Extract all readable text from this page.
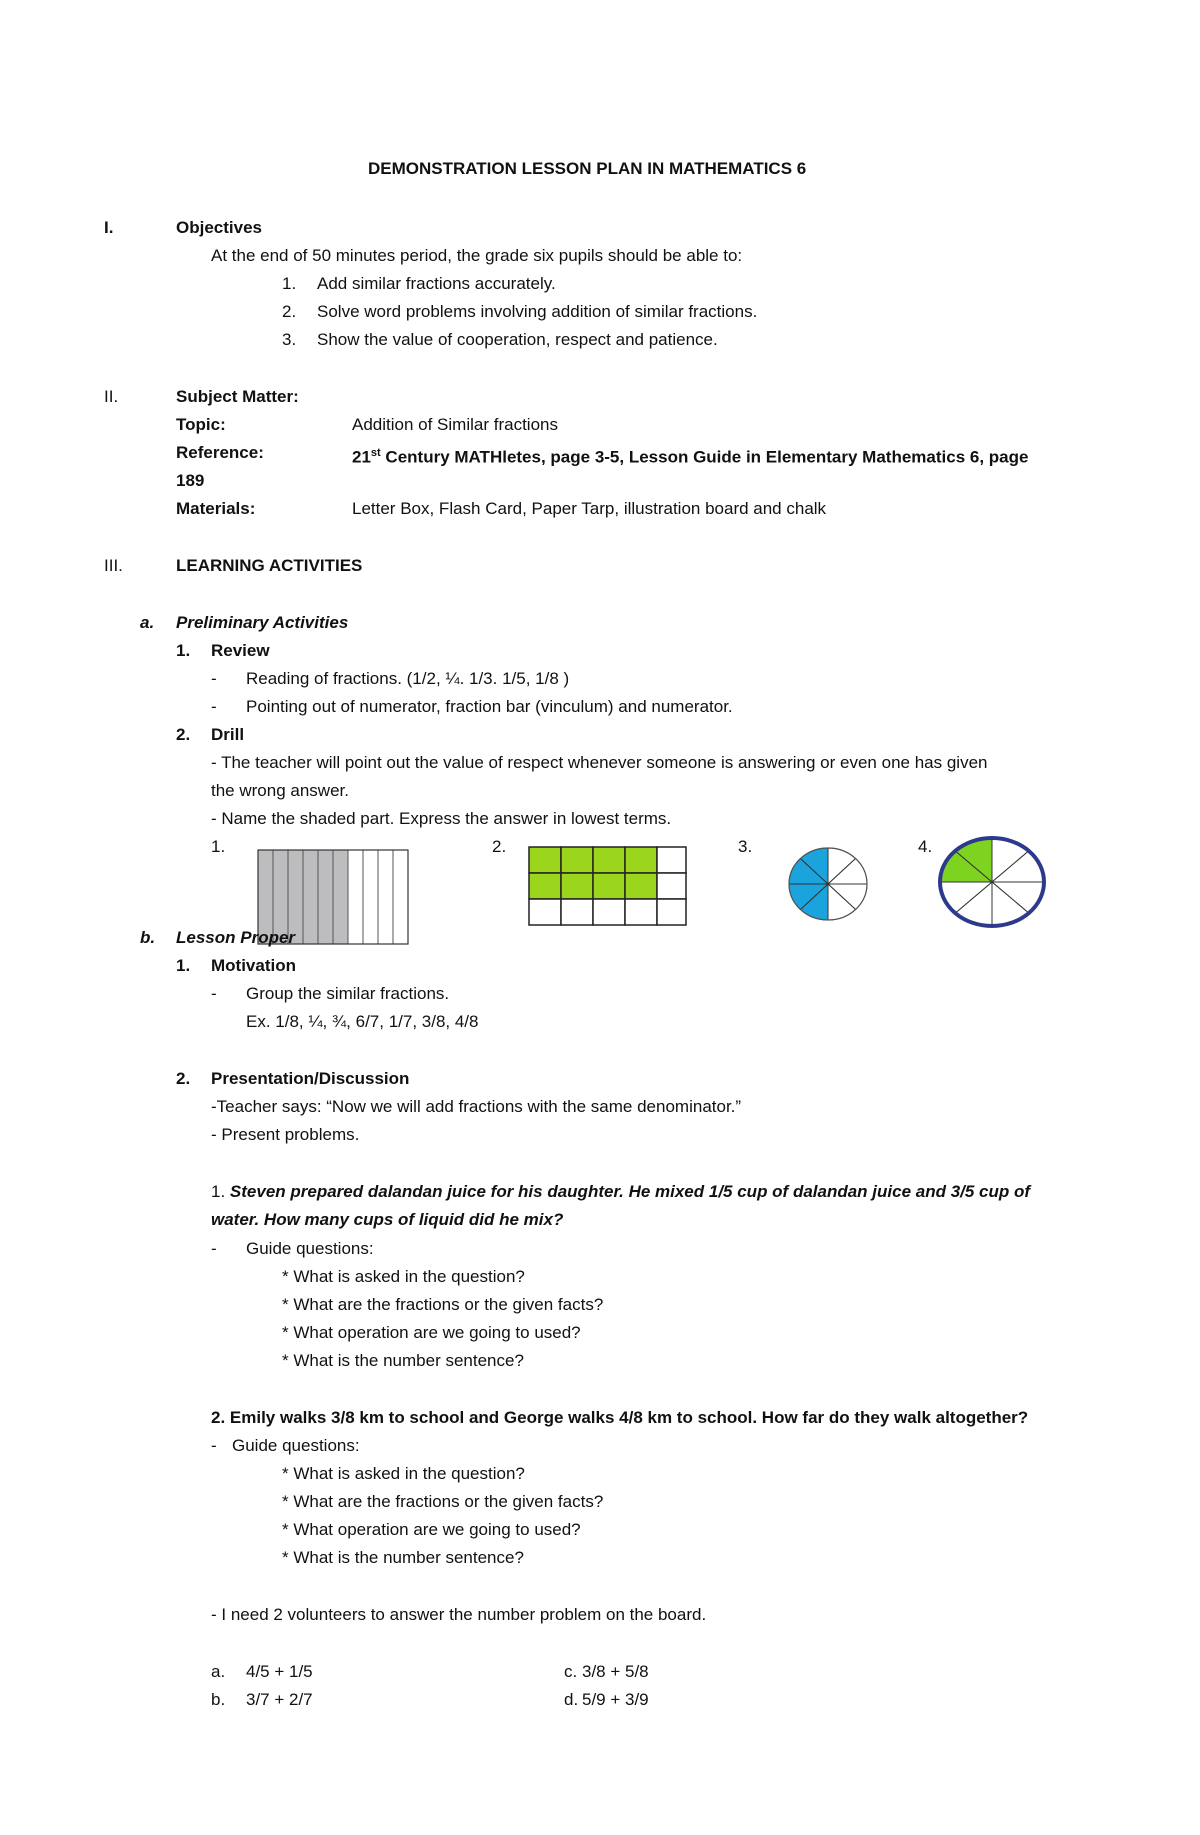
DEMONSTRATION LESSON PLAN IN MATHEMATICS 6
I.	Objectives
At the end of 50 minutes period, the grade six pupils should be able to:
1. Add similar fractions accurately.
2. Solve word problems involving addition of similar fractions.
3. Show the value of cooperation, respect and patience.
II.	Subject Matter:
Topic:	Addition of Similar fractions
Reference:	21st Century MATHletes, page 3-5, Lesson Guide in Elementary Mathematics 6, page
189
Materials:	Letter Box, Flash Card, Paper Tarp, illustration board and chalk
III.	LEARNING ACTIVITIES
a. Preliminary Activities
1. Review
- Reading of fractions. (1/2, ¼. 1/3. 1/5, 1/8 )
- Pointing out of numerator, fraction bar (vinculum) and numerator.
2. Drill
- The teacher will point out the value of respect whenever someone is answering or even one has given
the wrong answer.
- Name the shaded part. Express the answer in lowest terms.
1.	2.	3.	4.
b. Lesson Proper
1. Motivation
- Group the similar fractions.
Ex. 1/8, ¼, ¾, 6/7, 1/7, 3/8, 4/8
2. Presentation/Discussion
-Teacher says: “Now we will add fractions with the same denominator.”
- Present problems.
1. Steven prepared dalandan juice for his daughter. He mixed 1/5 cup of dalandan juice and 3/5 cup of
water. How many cups of liquid did he mix?
- Guide questions:
* What is asked in the question?
* What are the fractions or the given facts?
* What operation are we going to used?
* What is the number sentence?
2. Emily walks 3/8 km to school and George walks 4/8 km to school. How far do they walk altogether?
- Guide questions:
* What is asked in the question?
* What are the fractions or the given facts?
* What operation are we going to used?
* What is the number sentence?
- I need 2 volunteers to answer the number problem on the board.
a. 4/5 + 1/5	c. 3/8 + 5/8
b. 3/7 + 2/7	d. 5/9 + 3/9
